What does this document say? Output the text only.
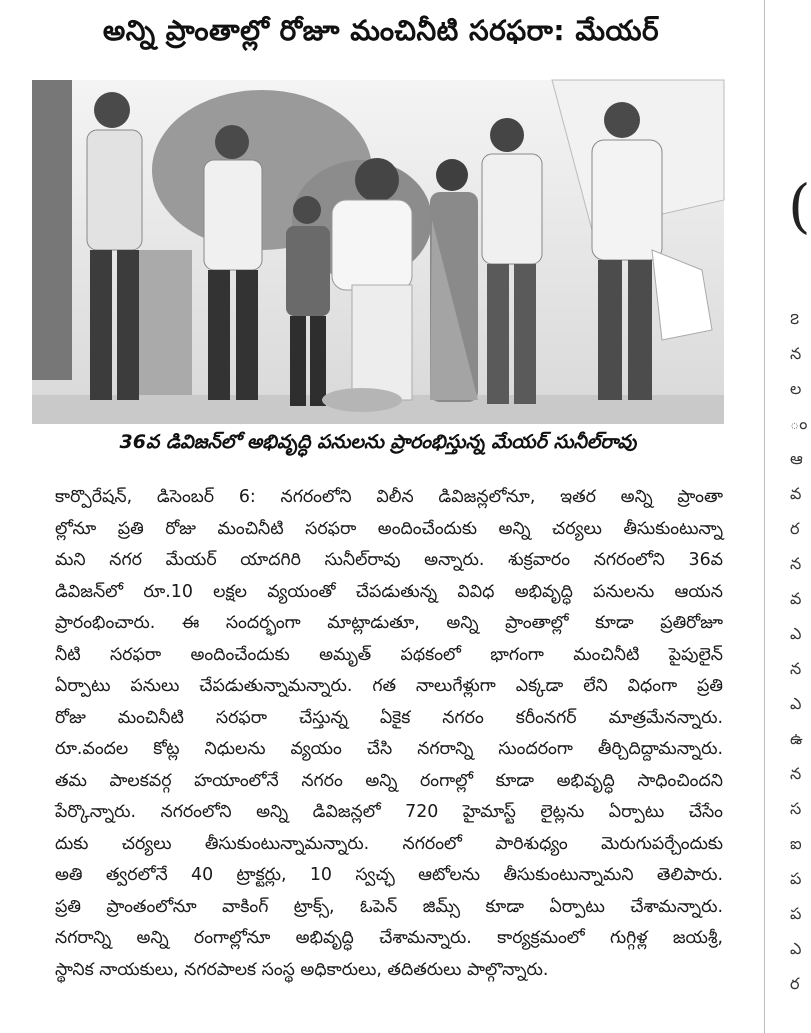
అన్ని ప్రాంతాల్లో రోజూ మంచినీటి సరఫరా: మేయర్
36వ డివిజన్‌లో అభివృద్ధి పనులను ప్రారంభిస్తున్న మేయర్ సునీల్‌రావు
కార్పొరేషన్, డిసెంబర్ 6: నగరంలోని విలీన డివిజన్లలోనూ, ఇతర అన్ని ప్రాంతా
ల్లోనూ ప్రతి రోజు మంచినీటి సరఫరా అందించేందుకు అన్ని చర్యలు తీసుకుంటున్నా
మని నగర మేయర్ యాదగిరి సునీల్‌రావు అన్నారు. శుక్రవారం నగరంలోని 36వ
డివిజన్‌లో రూ.10 లక్షల వ్యయంతో చేపడుతున్న వివిధ అభివృద్ధి పనులను ఆయన
ప్రారంభించారు. ఈ సందర్భంగా మాట్లాడుతూ, అన్ని ప్రాంతాల్లో కూడా ప్రతిరోజూ
నీటి సరఫరా అందించేందుకు అమృత్ పథకంలో భాగంగా మంచినీటి పైపులైన్
ఏర్పాటు పనులు చేపడుతున్నామన్నారు. గత నాలుగేళ్లుగా ఎక్కడా లేని విధంగా ప్రతి
రోజు మంచినీటి సరఫరా చేస్తున్న ఏకైక నగరం కరీంనగర్ మాత్రమేనన్నారు.
రూ.వందల కోట్ల నిధులను వ్యయం చేసి నగరాన్ని సుందరంగా తీర్చిదిద్దామన్నారు.
తమ పాలకవర్గ హయాంలోనే నగరం అన్ని రంగాల్లో కూడా అభివృద్ధి సాధించిందని
పేర్కొన్నారు. నగరంలోని అన్ని డివిజన్లలో 720 హైమాస్ట్ లైట్లను ఏర్పాటు చేసేం
దుకు చర్యలు తీసుకుంటున్నామన్నారు. నగరంలో పారిశుధ్యం మెరుగుపర్చేందుకు
అతి త్వరలోనే 40 ట్రాక్టర్లు, 10 స్వచ్ఛ ఆటోలను తీసుకుంటున్నామని తెలిపారు.
ప్రతి ప్రాంతంలోనూ వాకింగ్ ట్రాక్స్, ఓపెన్ జిమ్స్ కూడా ఏర్పాటు చేశామన్నారు.
నగరాన్ని అన్ని రంగాల్లోనూ అభివృద్ధి చేశామన్నారు. కార్యక్రమంలో గుగ్గిళ్ల జయశ్రీ,
స్థానిక నాయకులు, నగరపాలక సంస్థ అధికారులు, తదితరులు పాల్గొన్నారు.
(
౭
న
ల
ం
ఆ
వ
ర
న
వ
ఎ
న
ఎ
ఉ
న
స
ఐ
ప
ప
ఎ
ర
